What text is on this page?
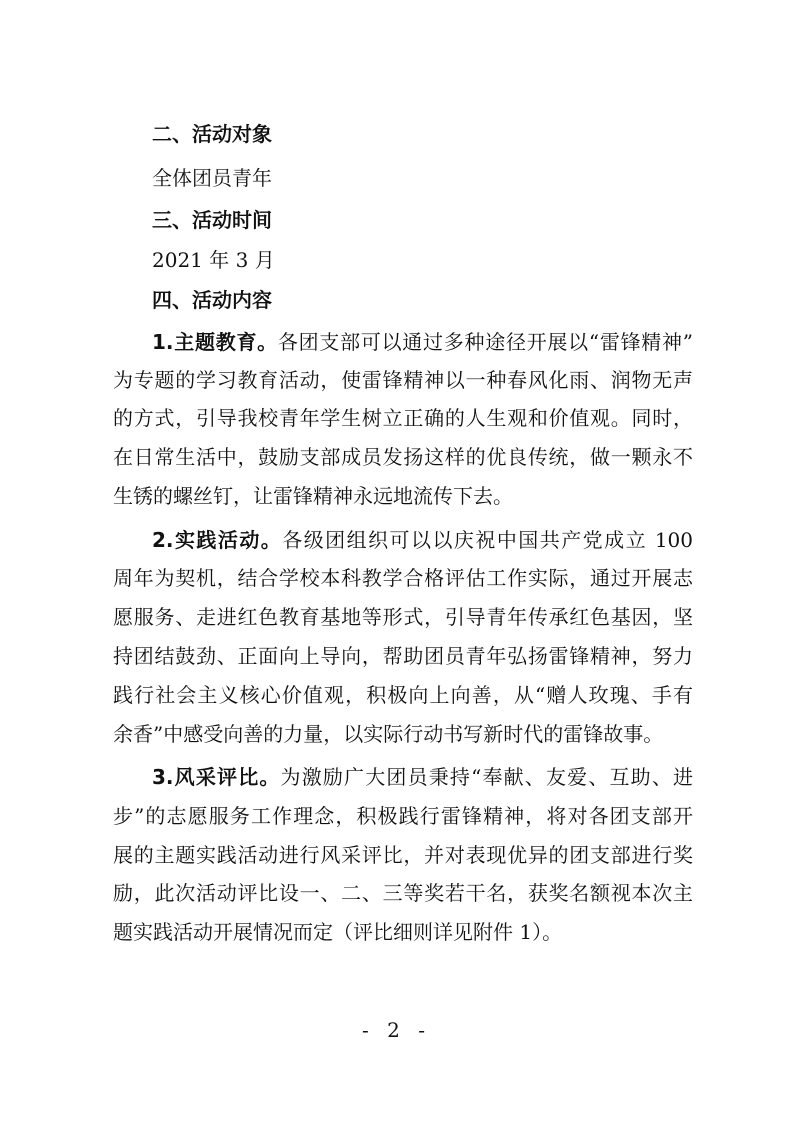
二、活动对象
全体团员青年
三、活动时间
2021 年 3 月
四、活动内容
1.主题教育。各团支部可以通过多种途径开展以“雷锋精神”
为专题的学习教育活动，使雷锋精神以一种春风化雨、润物无声
的方式，引导我校青年学生树立正确的人生观和价值观。同时，
在日常生活中，鼓励支部成员发扬这样的优良传统，做一颗永不
生锈的螺丝钉，让雷锋精神永远地流传下去。
2.实践活动。各级团组织可以以庆祝中国共产党成立 100
周年为契机，结合学校本科教学合格评估工作实际，通过开展志
愿服务、走进红色教育基地等形式，引导青年传承红色基因，坚
持团结鼓劲、正面向上导向，帮助团员青年弘扬雷锋精神，努力
践行社会主义核心价值观，积极向上向善，从“赠人玫瑰、手有
余香”中感受向善的力量，以实际行动书写新时代的雷锋故事。
3.风采评比。为激励广大团员秉持“奉献、友爱、互助、进
步”的志愿服务工作理念，积极践行雷锋精神，将对各团支部开
展的主题实践活动进行风采评比，并对表现优异的团支部进行奖
励，此次活动评比设一、二、三等奖若干名，获奖名额视本次主
题实践活动开展情况而定（评比细则详见附件 1）。
- 2 -
